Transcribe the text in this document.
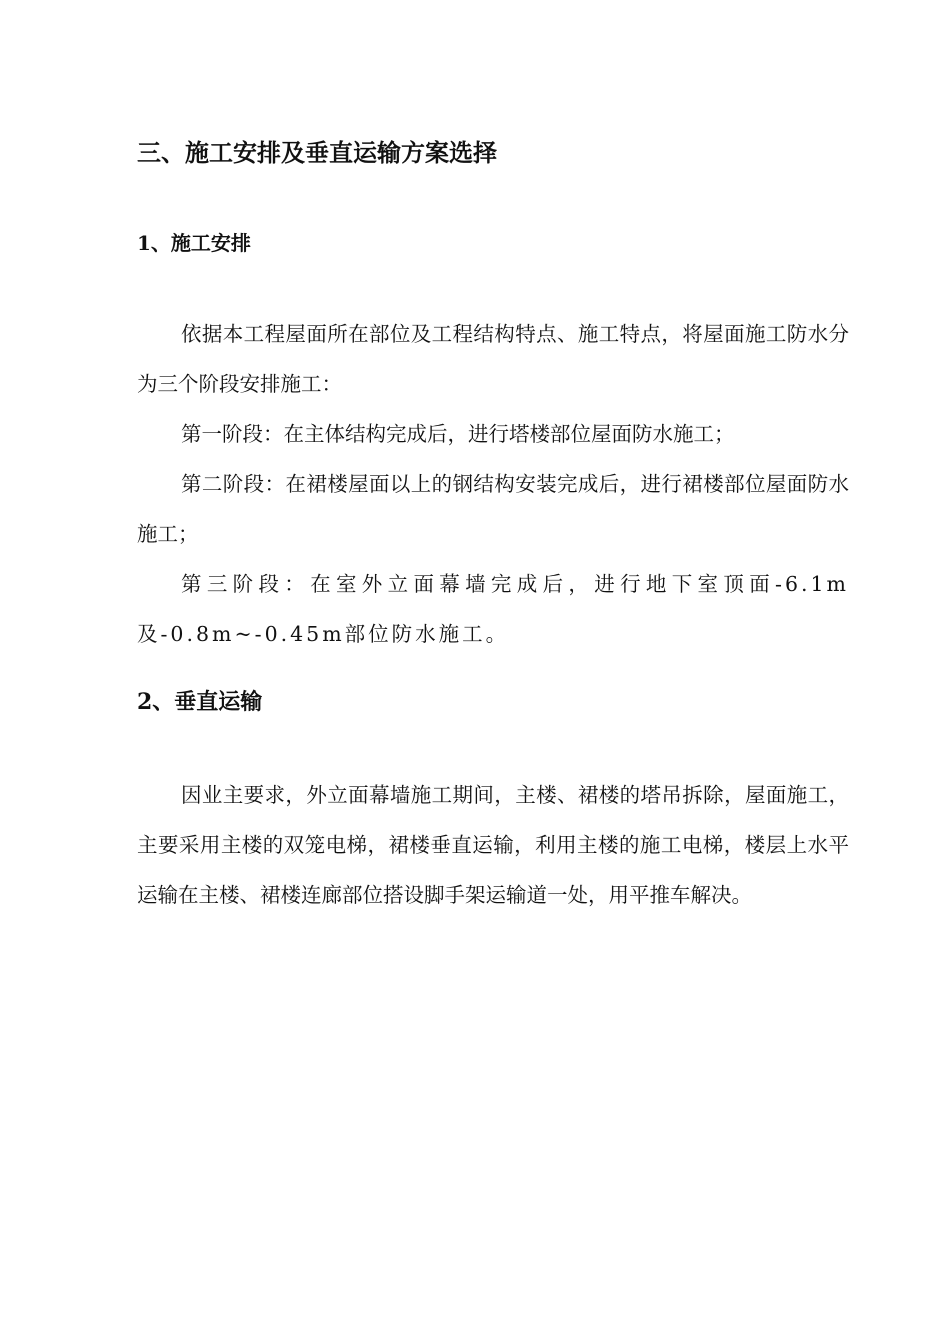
三、施工安排及垂直运输方案选择
1、施工安排

依据本工程屋面所在部位及工程结构特点、施工特点，将屋面施工防水分为三个阶段安排施工：

第一阶段：在主体结构完成后，进行塔楼部位屋面防水施工；

第二阶段：在裙楼屋面以上的钢结构安装完成后，进行裙楼部位屋面防水施工；

第三阶段：在室外立面幕墙完成后，进行地下室顶面-6.1m及-0.8m~-0.45m部位防水施工。

2、垂直运输

因业主要求，外立面幕墙施工期间，主楼、裙楼的塔吊拆除，屋面施工，主要采用主楼的双笼电梯，裙楼垂直运输，利用主楼的施工电梯，楼层上水平运输在主楼、裙楼连廊部位搭设脚手架运输道一处，用平推车解决。
